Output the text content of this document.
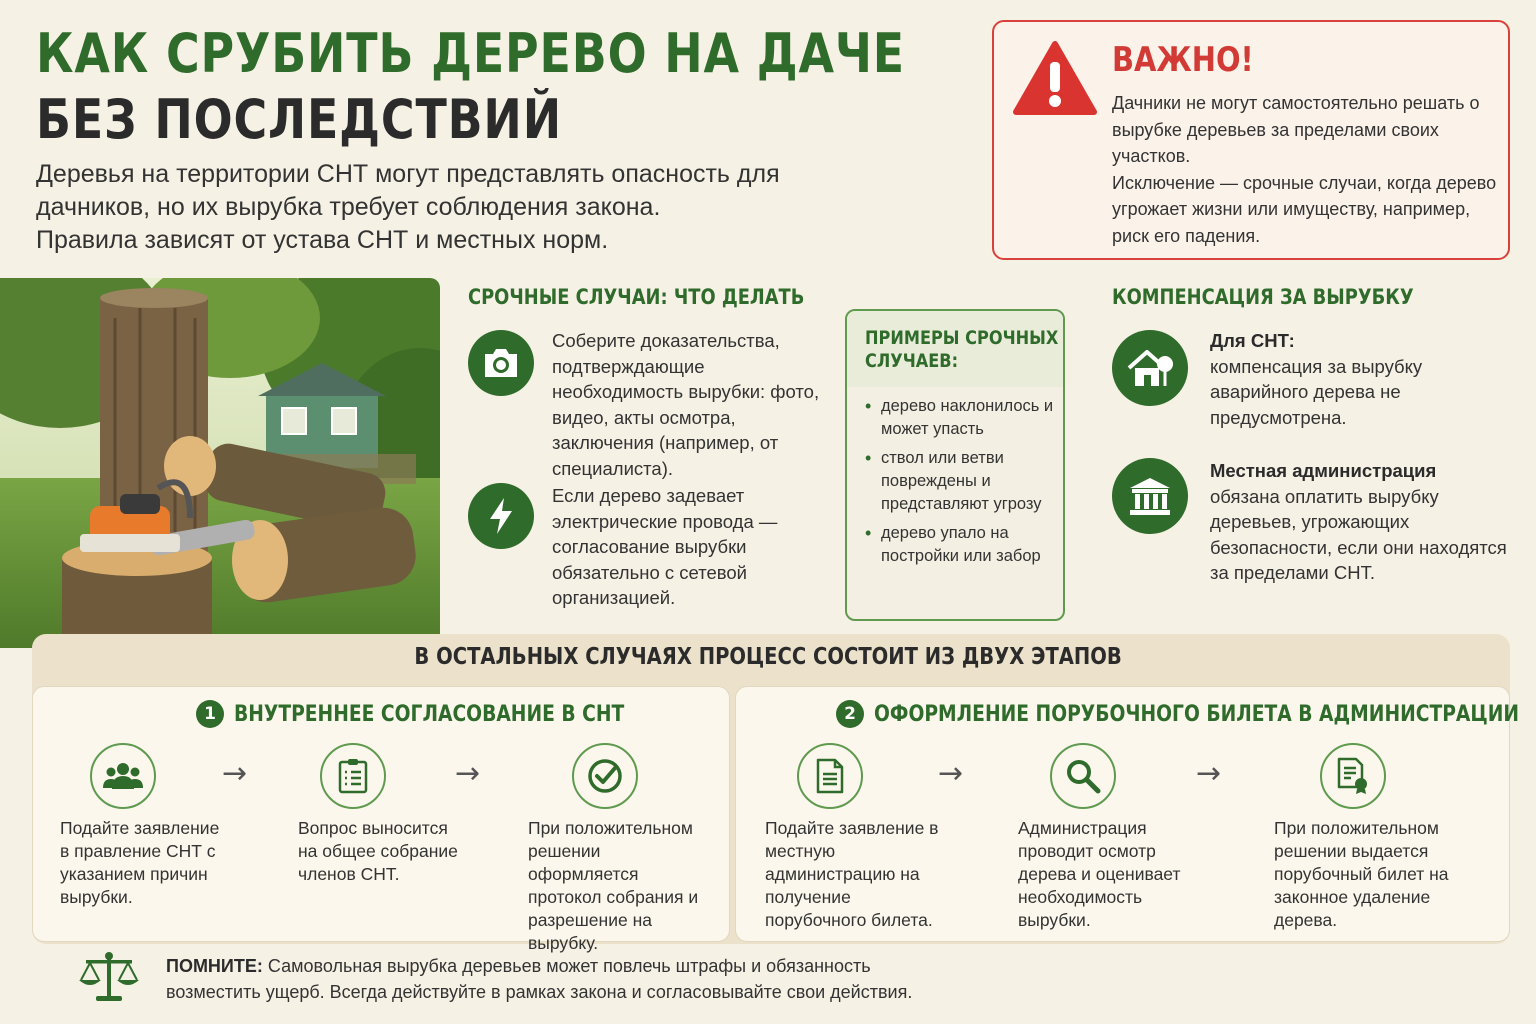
КАК СРУБИТЬ ДЕРЕВО НА ДАЧЕ
БЕЗ ПОСЛЕДСТВИЙ

Деревья на территории СНТ могут представлять опасность для

дачников, но их вырубка требует соблюдения закона.

Правила зависят от устава СНТ и местных норм.

ВАЖНО!

Дачники не могут самостоятельно решать о вырубке деревьев за пределами своих участков.

Исключение — срочные случаи, когда дерево угрожает жизни или имуществу, например, риск его падения.

СРОЧНЫЕ СЛУЧАИ: ЧТО ДЕЛАТЬ
Соберите доказательства, подтверждающие необходимость вырубки: фото, видео, акты осмотра, заключения (например, от специалиста).
Если дерево задевает электрические провода — согласование вырубки обязательно с сетевой организацией.
ПРИМЕРЫ СРОЧНЫХ СЛУЧАЕВ:
• дерево наклонилось и может упасть
• ствол или ветви повреждены и представляют угрозу
• дерево упало на постройки или забор
КОМПЕНСАЦИЯ ЗА ВЫРУБКУ
Для СНТ:
компенсация за вырубку аварийного дерева не предусмотрена.
Местная администрация
обязана оплатить вырубку деревьев, угрожающих безопасности, если они находятся за пределами СНТ.
В ОСТАЛЬНЫХ СЛУЧАЯХ ПРОЦЕСС СОСТОИТ ИЗ ДВУХ ЭТАПОВ
1 ВНУТРЕННЕЕ СОГЛАСОВАНИЕ В СНТ	2 ОФОРМЛЕНИЕ ПОРУБОЧНОГО БИЛЕТА В АДМИНИСТРАЦИИ
→	→
Подайте заявление в правление СНТ с указанием причин вырубки.
Вопрос выносится на общее собрание членов СНТ.
При положительном решении оформляется протокол собрания и разрешение на вырубку.
→	→
Подайте заявление в местную администрацию на получение порубочного билета.
Администрация проводит осмотр дерева и оценивает необходимость вырубки.
При положительном решении выдается порубочный билет на законное удаление дерева.
ПОМНИТЕ: Самовольная вырубка деревьев может повлечь штрафы и обязанность возместить ущерб. Всегда действуйте в рамках закона и согласовывайте свои действия.
